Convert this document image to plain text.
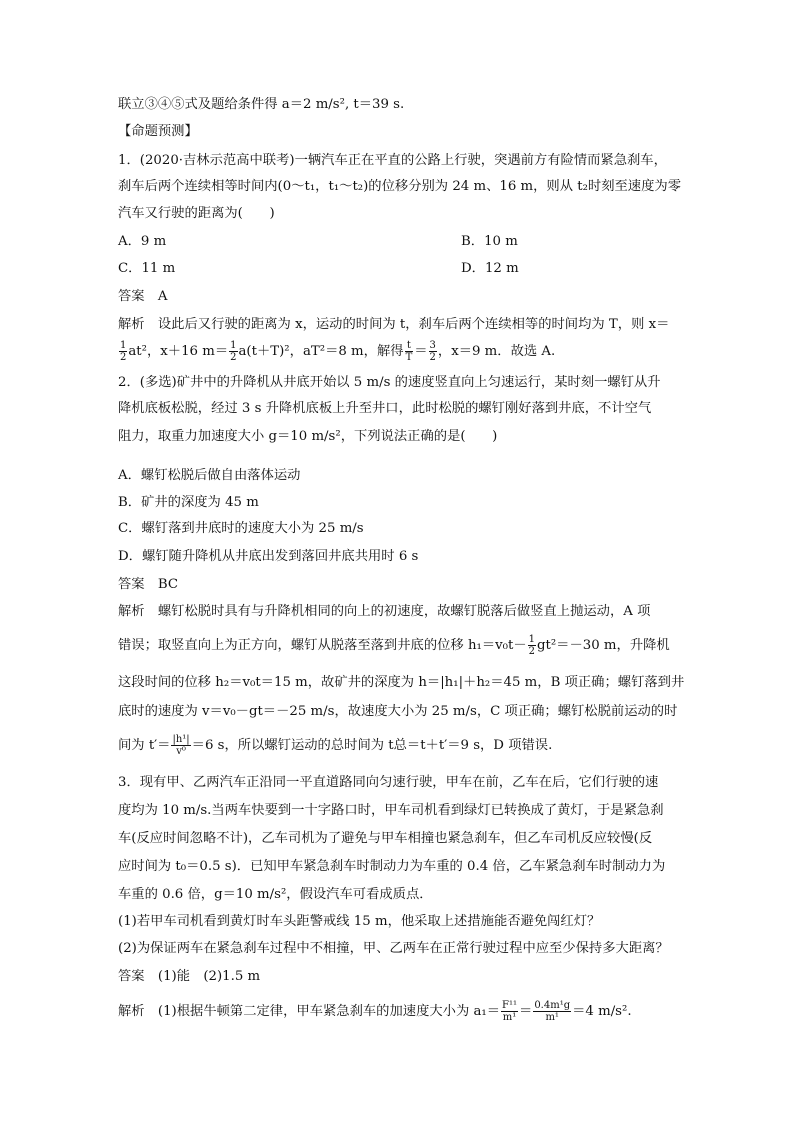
联立③④⑤式及题给条件得 a＝2 m/s², t＝39 s.
【命题预测】
1．(2020·吉林示范高中联考)一辆汽车正在平直的公路上行驶，突遇前方有险情而紧急刹车，
刹车后两个连续相等时间内(0～t₁，t₁～t₂)的位移分别为 24 m、16 m，则从 t₂时刻至速度为零
汽车又行驶的距离为(　　)
A．9 m	B．10 m
C．11 m	D．12 m
答案　A
解析　设此后又行驶的距离为 x，运动的时间为 t，刹车后两个连续相等的时间均为 T，则 x＝
$\frac{1}{2} at^2$，x＋16 $m= \frac{1}{2} a(t+T)^2$，aT²＝8 m，解得 $\frac{t}{T} = \frac{3}{2}$ ，x＝9 m．故选 A.
2．(多选)矿井中的升降机从井底开始以 5 m/s 的速度竖直向上匀速运行，某时刻一螺钉从升
降机底板松脱，经过 3 s 升降机底板上升至井口，此时松脱的螺钉刚好落到井底，不计空气
阻力，取重力加速度大小 g＝10 m/s²，下列说法正确的是(　　)
A．螺钉松脱后做自由落体运动
B．矿井的深度为 45 m
C．螺钉落到井底时的速度大小为 25 m/s
D．螺钉随升降机从井底出发到落回井底共用时 6 s
答案　BC
解析　螺钉松脱时具有与升降机相同的向上的初速度，故螺钉脱落后做竖直上抛运动，A 项
错误；取竖直向上为正方向，螺钉从脱落至落到井底的位移 $h_1=v_0t- \frac{1}{2} gt^2=-30$ m，升降机
这段时间的位移 h₂＝v₀t＝15 m，故矿井的深度为 h＝|h₁|＋h₂＝45 m，B 项正确；螺钉落到井
底时的速度为 v＝v₀－gt＝－25 m/s，故速度大小为 25 m/s，C 项正确；螺钉松脱前运动的时
间为 $t'= \frac{\text{|h¹|}}{\text{v⁰}} =6$ s，所以螺钉运动的总时间为 t总＝t＋t′＝9 s，D 项错误.
3．现有甲、乙两汽车正沿同一平直道路同向匀速行驶，甲车在前，乙车在后，它们行驶的速
度均为 10 m/s.当两车快要到一十字路口时，甲车司机看到绿灯已转换成了黄灯，于是紧急刹
车(反应时间忽略不计)，乙车司机为了避免与甲车相撞也紧急刹车，但乙车司机反应较慢(反
应时间为 t₀＝0.5 s)．已知甲车紧急刹车时制动力为车重的 0.4 倍，乙车紧急刹车时制动力为
车重的 0.6 倍，g＝10 m/s²，假设汽车可看成质点．
(1)若甲车司机看到黄灯时车头距警戒线 15 m，他采取上述措施能否避免闯红灯？
(2)为保证两车在紧急刹车过程中不相撞，甲、乙两车在正常行驶过程中应至少保持多大距离？
答案　(1)能　(2)1.5 m
解析　(1)根据牛顿第二定律，甲车紧急刹车的加速度大小为 $a_1= \frac{\text{F¹¹}}{\text{m¹}} = \frac{\text{0.4m¹g}}{\text{m¹}} =4$ m/s².
